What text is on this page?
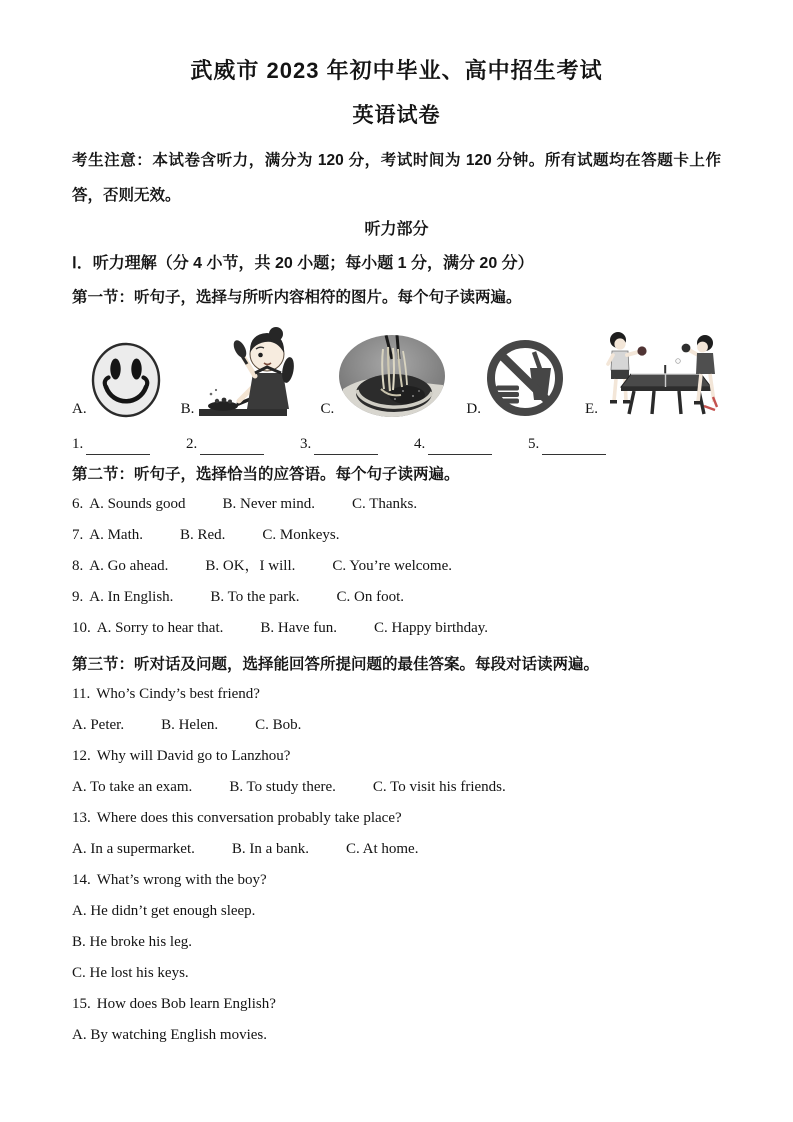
武威市 2023 年初中毕业、高中招生考试
英语试卷

考生注意：本试卷含听力，满分为 120 分，考试时间为 120 分钟。所有试题均在答题卡上作答，否则无效。

听力部分

Ⅰ．听力理解（分 4 小节，共 20 小题；每小题 1 分，满分 20 分）

第一节：听句子，选择与所听内容相符的图片。每个句子读两遍。

A.	B.	C.	D.	E.
1.	2.	3.	4.	5.

第二节：听句子，选择恰当的应答语。每个句子读两遍。

6. A. Sounds good B. Never mind. C. Thanks.

7. A. Math. B. Red. C. Monkeys.

8. A. Go ahead. B. OK，I will. C. You’re welcome.

9. A. In English. B. To the park. C. On foot.

10. A. Sorry to hear that. B. Have fun. C. Happy birthday.

第三节：听对话及问题，选择能回答所提问题的最佳答案。每段对话读两遍。

11. Who’s Cindy’s best friend?

A. Peter. B. Helen. C. Bob.

12. Why will David go to Lanzhou?

A. To take an exam. B. To study there. C. To visit his friends.

13. Where does this conversation probably take place?

A. In a supermarket. B. In a bank. C. At home.

14. What’s wrong with the boy?

A. He didn’t get enough sleep.

B. He broke his leg.

C. He lost his keys.

15. How does Bob learn English?

A. By watching English movies.
